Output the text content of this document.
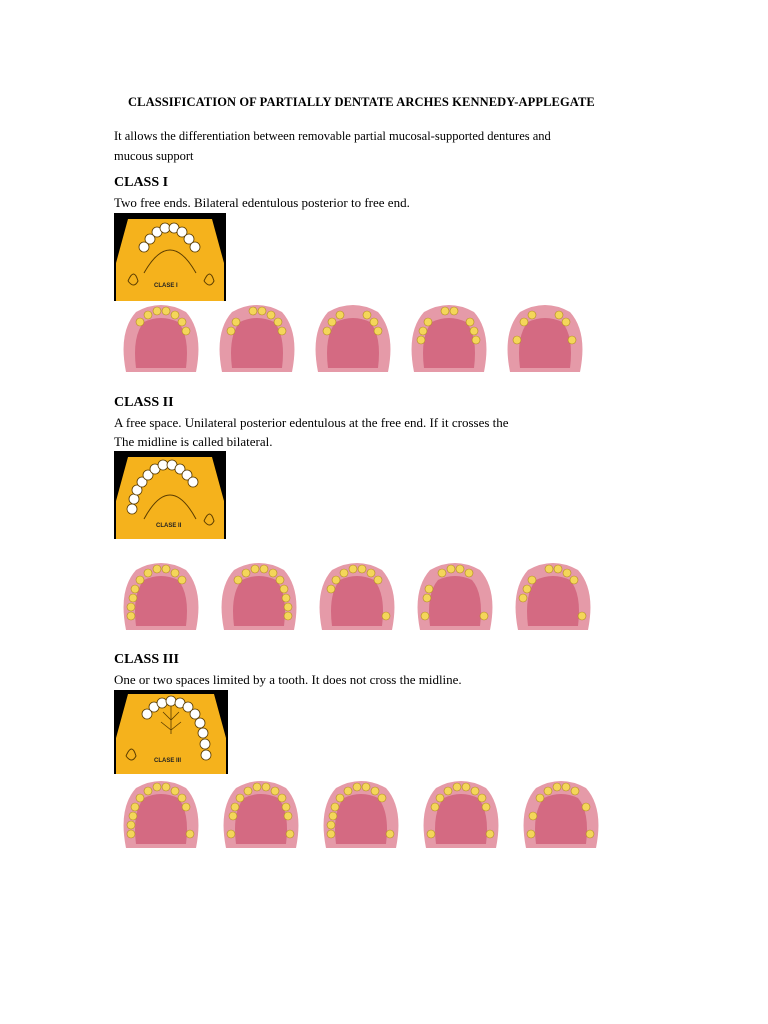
CLASSIFICATION OF PARTIALLY DENTATE ARCHES KENNEDY-APPLEGATE
It allows the differentiation between removable partial mucosal-supported dentures and
mucous support
CLASS I
Two free ends. Bilateral edentulous posterior to free end.
CLASE I
CLASS II
A free space. Unilateral posterior edentulous at the free end. If it crosses the
The midline is called bilateral.
CLASE II
CLASS III
One or two spaces limited by a tooth. It does not cross the midline.
CLASE III
